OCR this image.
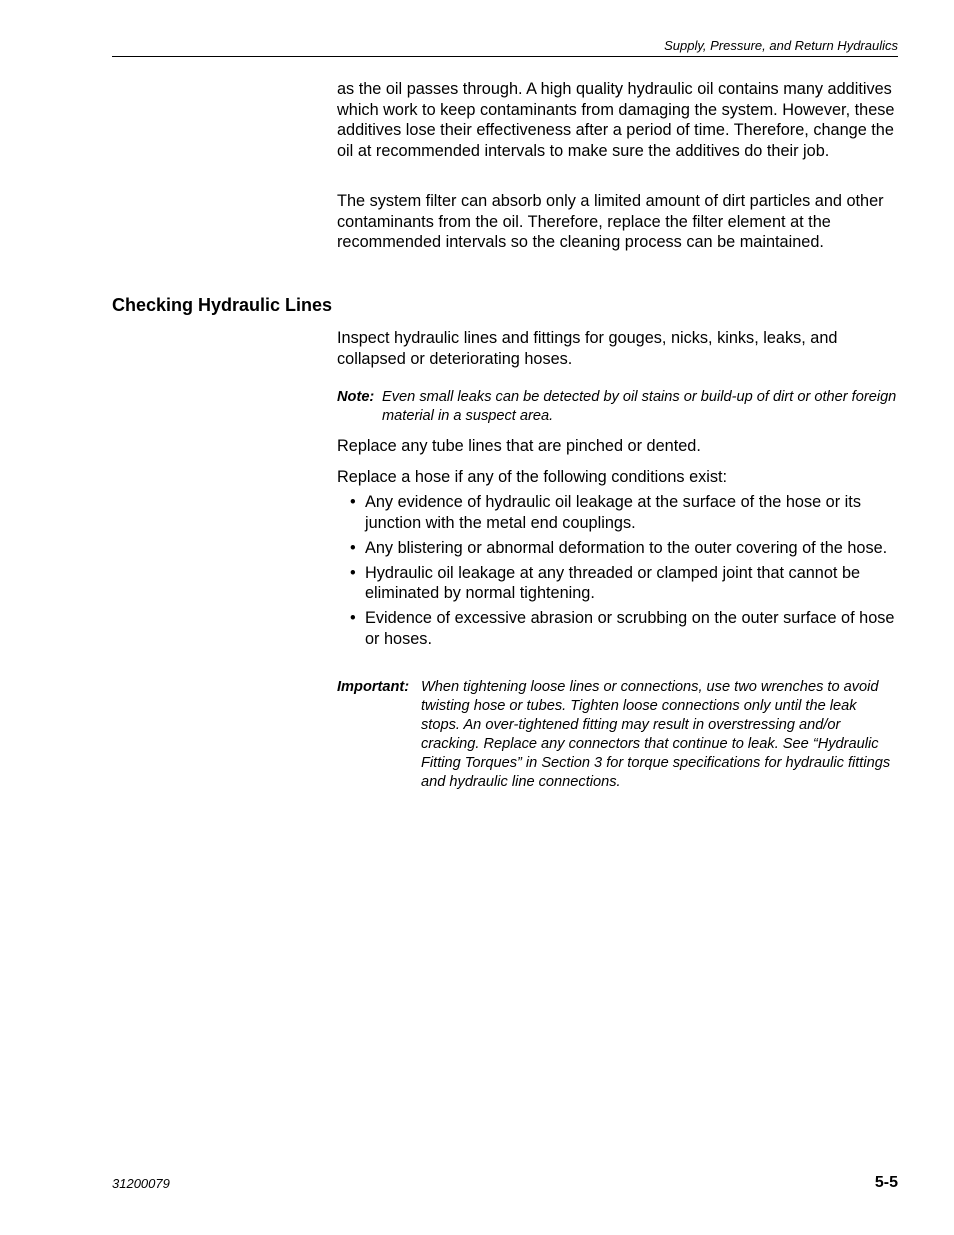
Supply, Pressure, and Return Hydraulics

as the oil passes through. A high quality hydraulic oil contains many additives which work to keep contaminants from damaging the system. However, these additives lose their effectiveness after a period of time. Therefore, change the oil at recommended intervals to make sure the additives do their job.

The system filter can absorb only a limited amount of dirt particles and other contaminants from the oil. Therefore, replace the filter element at the recommended intervals so the cleaning process can be maintained.

Checking Hydraulic Lines

Inspect hydraulic lines and fittings for gouges, nicks, kinks, leaks, and collapsed or deteriorating hoses.

Note: Even small leaks can be detected by oil stains or build-up of dirt or other foreign material in a suspect area.

Replace any tube lines that are pinched or dented.

Replace a hose if any of the following conditions exist:

• Any evidence of hydraulic oil leakage at the surface of the hose or its junction with the metal end couplings.
• Any blistering or abnormal deformation to the outer covering of the hose.
• Hydraulic oil leakage at any threaded or clamped joint that cannot be eliminated by normal tightening.
• Evidence of excessive abrasion or scrubbing on the outer surface of hose or hoses.
Important: When tightening loose lines or connections, use two wrenches to avoid twisting hose or tubes. Tighten loose connections only until the leak stops. An over-tightened fitting may result in overstressing and/or cracking. Replace any connectors that continue to leak. See “Hydraulic Fitting Torques” in Section 3 for torque specifications for hydraulic fittings and hydraulic line connections.
31200079	5-5
